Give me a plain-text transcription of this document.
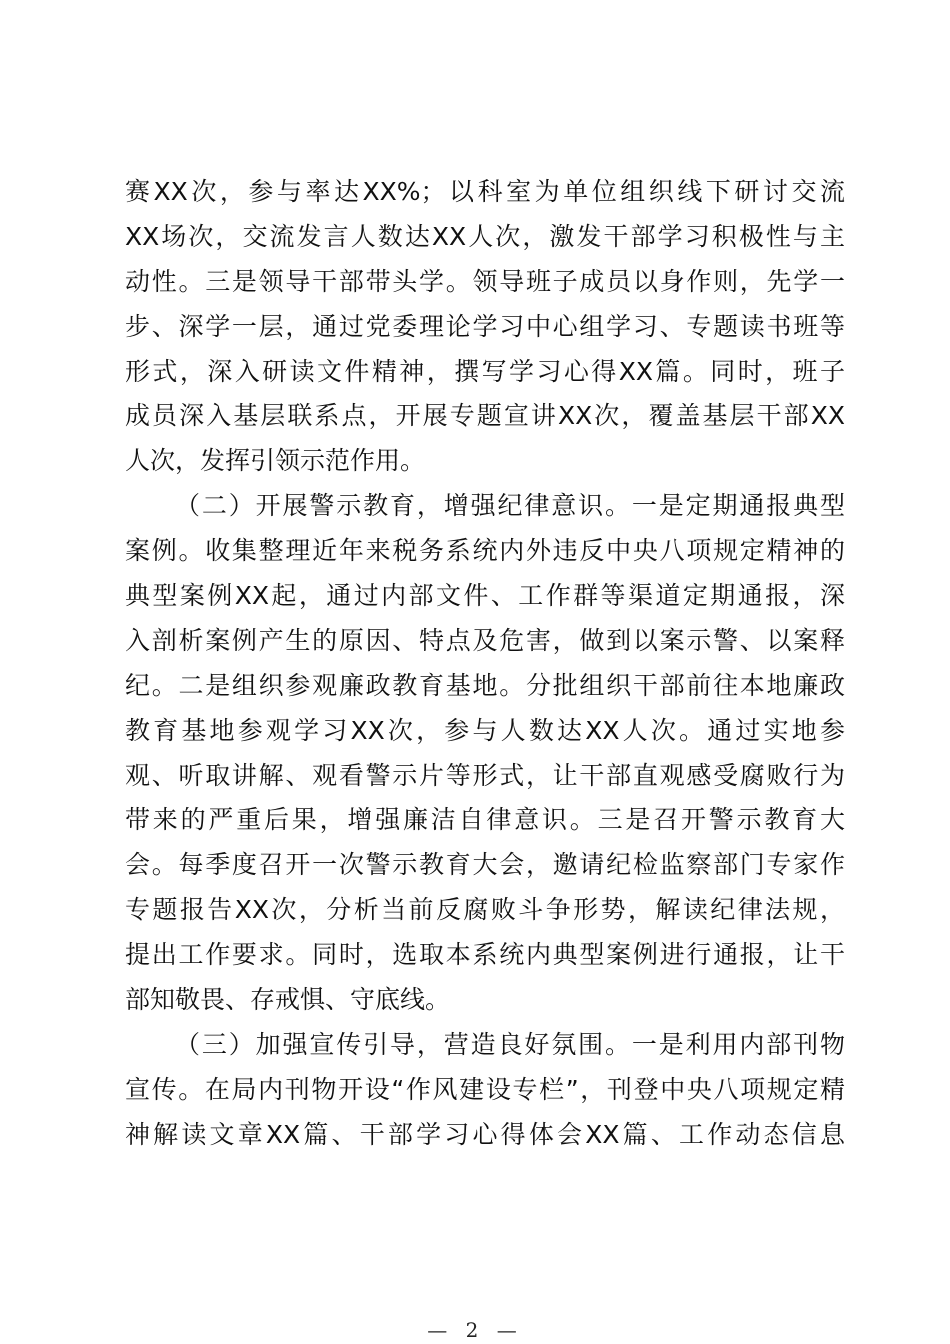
赛XX次，参与率达XX%；以科室为单位组织线下研讨交流
XX场次，交流发言人数达XX人次，激发干部学习积极性与主
动性。三是领导干部带头学。领导班子成员以身作则，先学一
步、深学一层，通过党委理论学习中心组学习、专题读书班等
形式，深入研读文件精神，撰写学习心得XX篇。同时，班子
成员深入基层联系点，开展专题宣讲XX次，覆盖基层干部XX
人次，发挥引领示范作用。
（二）开展警示教育，增强纪律意识。一是定期通报典型
案例。收集整理近年来税务系统内外违反中央八项规定精神的
典型案例XX起，通过内部文件、工作群等渠道定期通报，深
入剖析案例产生的原因、特点及危害，做到以案示警、以案释
纪。二是组织参观廉政教育基地。分批组织干部前往本地廉政
教育基地参观学习XX次，参与人数达XX人次。通过实地参
观、听取讲解、观看警示片等形式，让干部直观感受腐败行为
带来的严重后果，增强廉洁自律意识。三是召开警示教育大
会。每季度召开一次警示教育大会，邀请纪检监察部门专家作
专题报告XX次，分析当前反腐败斗争形势，解读纪律法规，
提出工作要求。同时，选取本系统内典型案例进行通报，让干
部知敬畏、存戒惧、守底线。
（三）加强宣传引导，营造良好氛围。一是利用内部刊物
宣传。在局内刊物开设“作风建设专栏”，刊登中央八项规定精
神解读文章XX篇、干部学习心得体会XX篇、工作动态信息
— 2 —
